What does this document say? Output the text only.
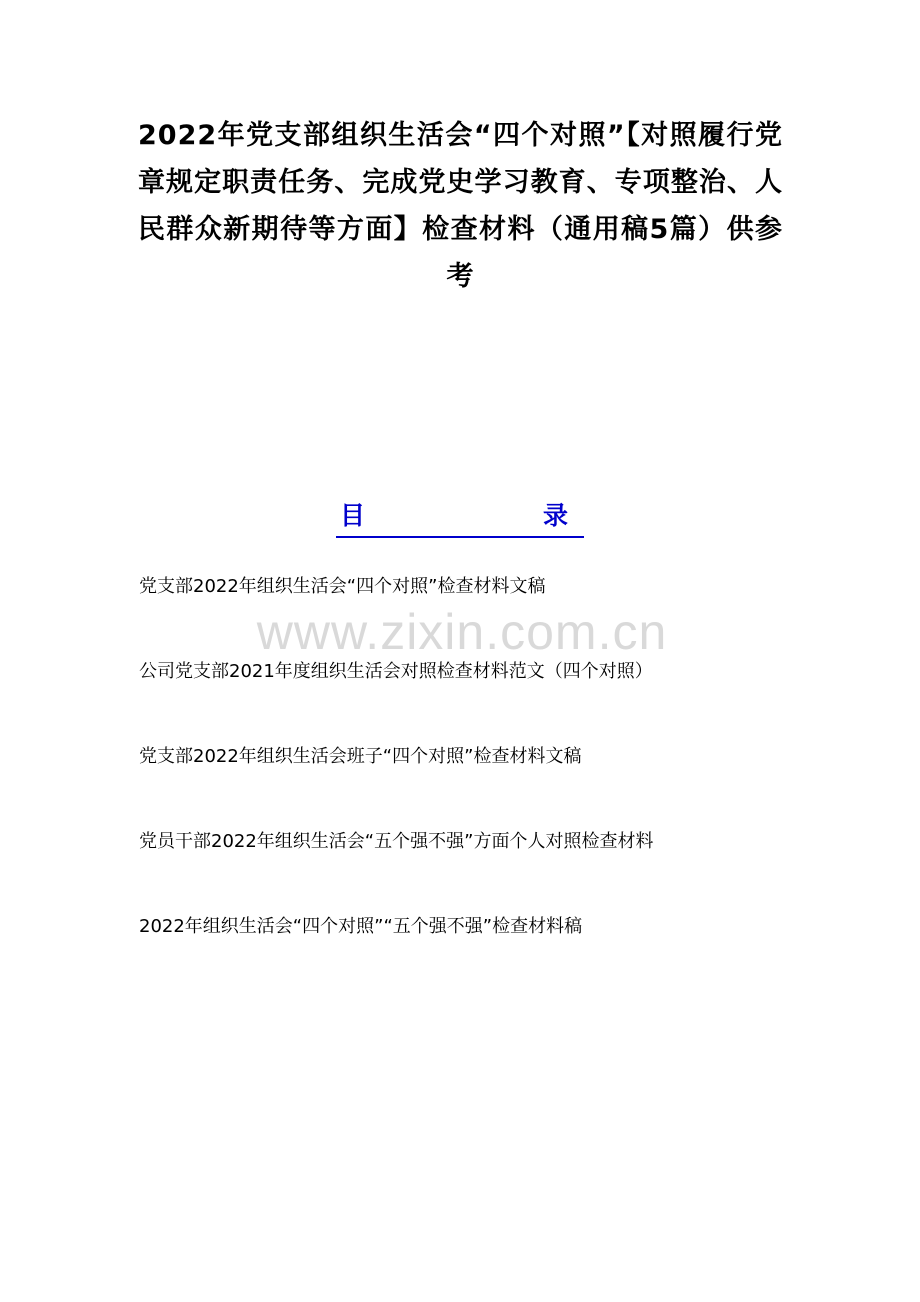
2022年党支部组织生活会“四个对照”【对照履行党章规定职责任务、完成党史学习教育、专项整治、人民群众新期待等方面】检查材料（通用稿5篇）供参考
目	录
党支部2022年组织生活会“四个对照”检查材料文稿
公司党支部2021年度组织生活会对照检查材料范文（四个对照）
党支部2022年组织生活会班子“四个对照”检查材料文稿
党员干部2022年组织生活会“五个强不强”方面个人对照检查材料
2022年组织生活会“四个对照”“五个强不强”检查材料稿
www.zixin.com.cn
